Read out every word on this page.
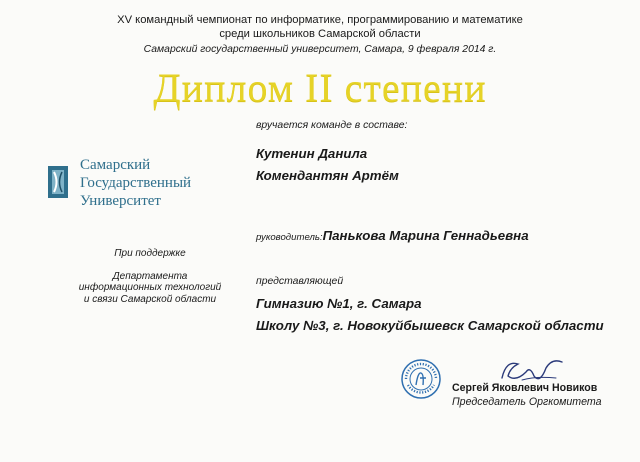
XV командный чемпионат по информатике, программированию и математике
среди школьников Самарской области
Самарский государственный университет, Самара, 9 февраля 2014 г.
Диплом II степени
Самарский
Государственный
Университет
При поддержке
Департамента
информационных технологий
и связи Самарской области
вручается команде в составе:
Кутенин Данила
Комендантян Артём
руководитель:Панькова Марина Геннадьевна
представляющей
Гимназию №1, г. Самара
Школу №3, г. Новокуйбышевск Самарской области
Сергей Яковлевич Новиков
Председатель Оргкомитета
